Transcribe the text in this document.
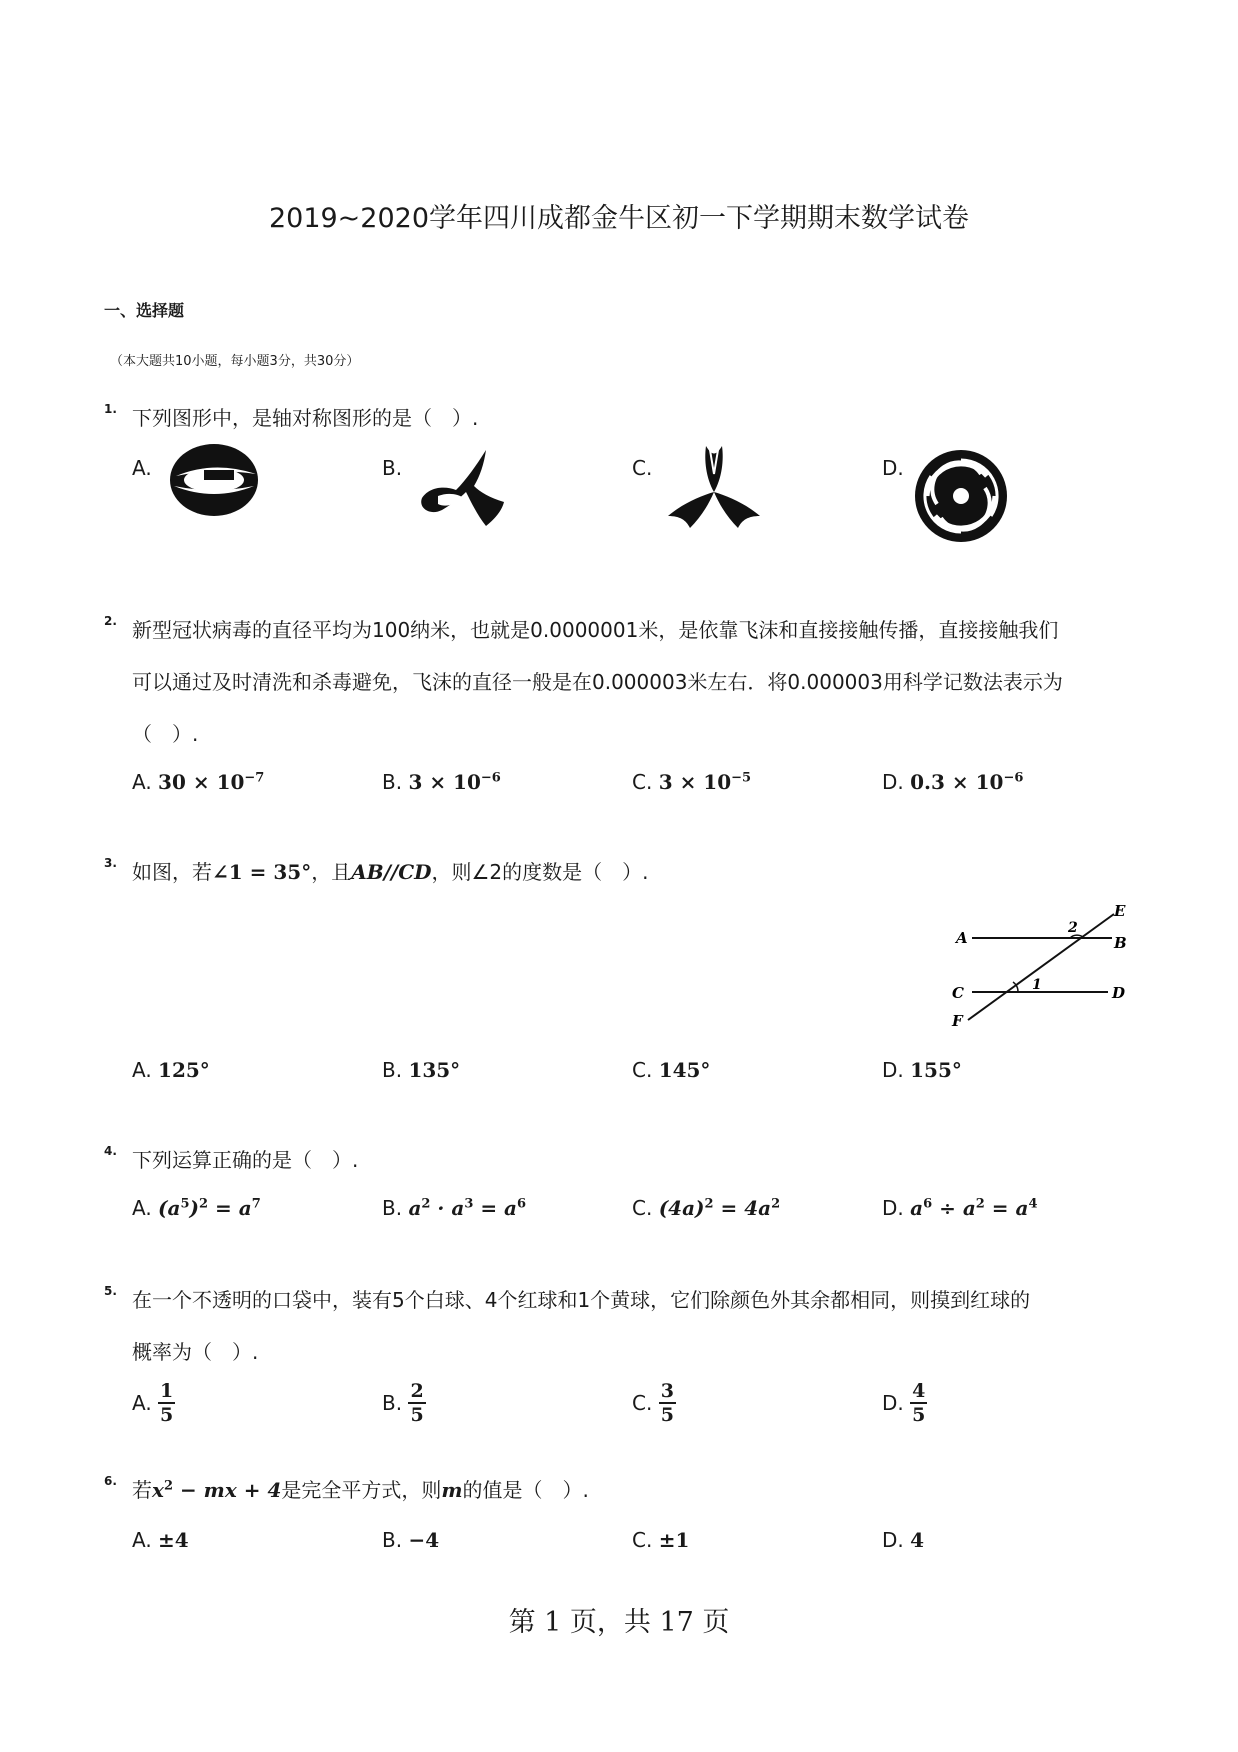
2019~2020学年四川成都金牛区初一下学期期末数学试卷
一、选择题
（本大题共10小题，每小题3分，共30分）
1. 下列图形中，是轴对称图形的是（　）.
A.	B.	C.	D.
2. 新型冠状病毒的直径平均为100纳米，也就是0.0000001米，是依靠飞沫和直接接触传播，直接接触我们
可以通过及时清洗和杀毒避免，飞沫的直径一般是在0.000003米左右．将0.000003用科学记数法表示为
（　）.
A. $30 \times 10^{-7}$	B. $3 \times 10^{-6}$	C. $3 \times 10^{-5}$	D. $0.3 \times 10^{-6}$
3. 如图，若∠1 = 35°，且AB//CD，则∠2的度数是（　）.
A	B
C	D
E
F
1
2
A. 125°	B. 135°	C. 145°	D. 155°
4. 下列运算正确的是（　）.
A. $(a^5)^2 = a^7$	B. $a^2 \cdot a^3 = a^6$	C. $(4a)^2 = 4a^2$	D. $a^6 \div a^2 = a^4$
5. 在一个不透明的口袋中，装有5个白球、4个红球和1个黄球，它们除颜色外其余都相同，则摸到红球的
概率为（　）.
A. $\frac{1}{5}$	B. $\frac{2}{5}$	C. $\frac{3}{5}$	D. $\frac{4}{5}$
6. 若$x^2$ − mx + 4是完全平方式，则m的值是（　）.
A. ±4	B. −4	C. ±1	D. 4
第 1 页，共 17 页
